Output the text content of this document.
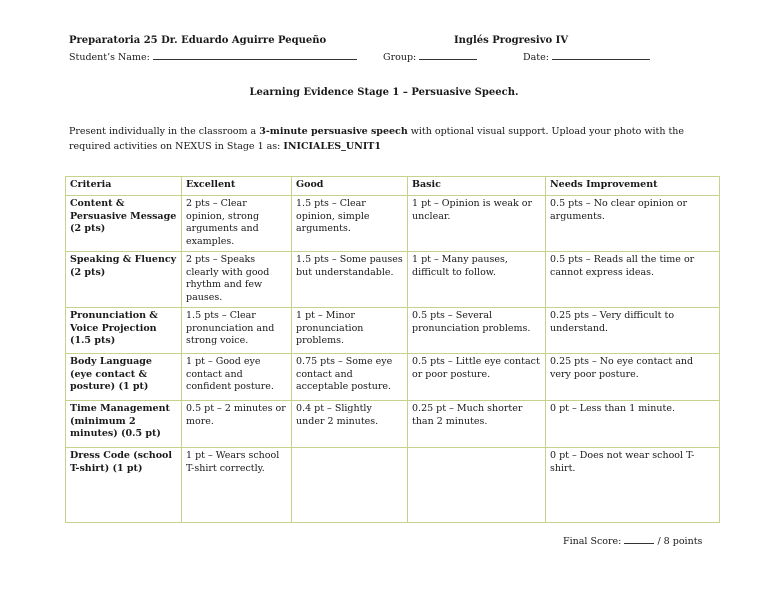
Preparatoria 25 Dr. Eduardo Aguirre Pequeño	Inglés Progresivo IV
Student’s Name:	Group:	Date:
Learning Evidence Stage 1 – Persuasive Speech.
Present individually in the classroom a 3-minute persuasive speech with optional visual support. Upload your photo with the required activities on NEXUS in Stage 1 as: INICIALES_UNIT1
Criteria	Excellent	Good	Basic	Needs Improvement
Content & Persuasive Message (2 pts)	2 pts – Clear opinion, strong arguments and examples.	1.5 pts – Clear opinion, simple arguments.	1 pt – Opinion is weak or unclear.	0.5 pts – No clear opinion or arguments.
Speaking & Fluency (2 pts)	2 pts – Speaks clearly with good rhythm and few pauses.	1.5 pts – Some pauses but understandable.	1 pt – Many pauses, difficult to follow.	0.5 pts – Reads all the time or cannot express ideas.
Pronunciation & Voice Projection (1.5 pts)	1.5 pts – Clear pronunciation and strong voice.	1 pt – Minor pronunciation problems.	0.5 pts – Several pronunciation problems.	0.25 pts – Very difficult to understand.
Body Language (eye contact & posture) (1 pt)	1 pt – Good eye contact and confident posture.	0.75 pts – Some eye contact and acceptable posture.	0.5 pts – Little eye contact or poor posture.	0.25 pts – No eye contact and very poor posture.
Time Management (minimum 2 minutes) (0.5 pt)	0.5 pt – 2 minutes or more.	0.4 pt – Slightly under 2 minutes.	0.25 pt – Much shorter than 2 minutes.	0 pt – Less than 1 minute.
Dress Code (school T-shirt) (1 pt)	1 pt – Wears school T-shirt correctly.			0 pt – Does not wear school T-shirt.
Final Score:	/ 8 points
